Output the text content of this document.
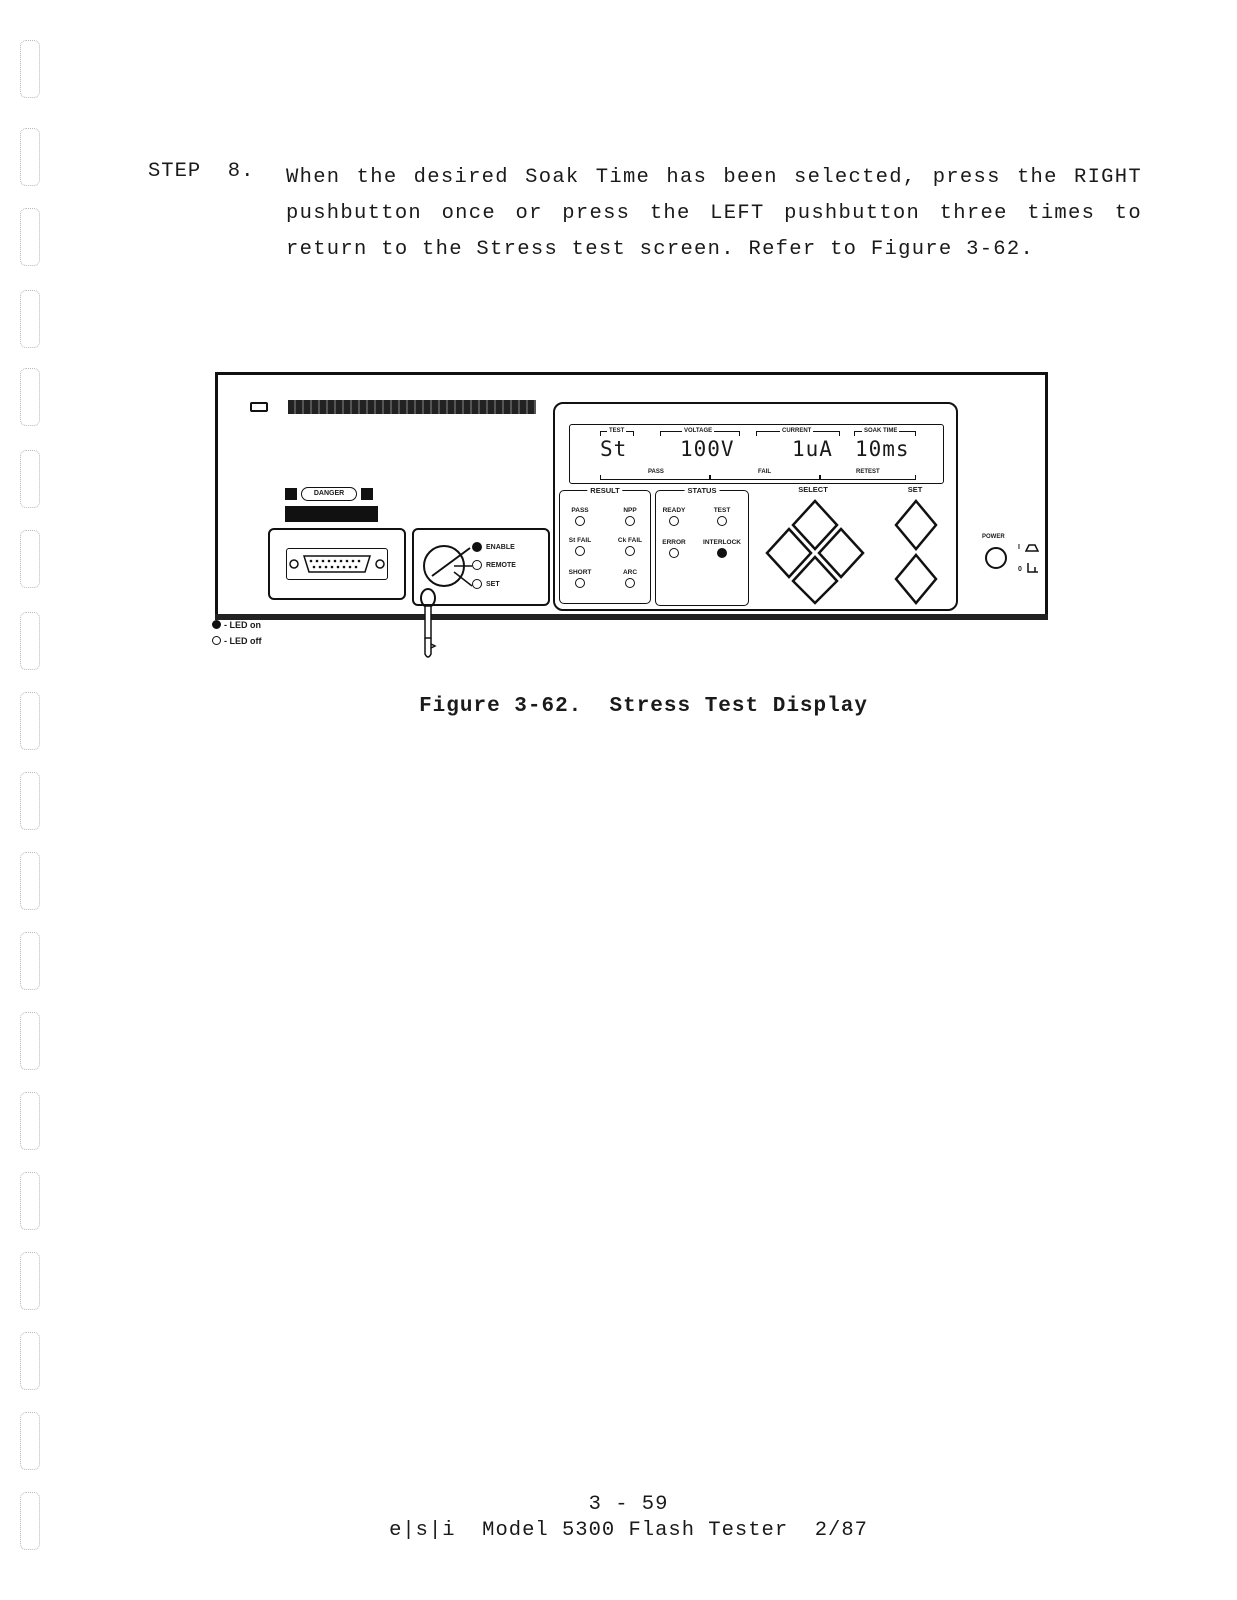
STEP  8. When the desired Soak Time has been selected, press the RIGHT pushbutton once or press the LEFT pushbutton three times to return to the Stress test screen. Refer to Figure 3-62.
DANGER
ENABLE
REMOTE
SET
- LED on
- LED off
TEST	VOLTAGE	CURRENT	SOAK TIME
St	100V	1uA 10ms
PASS	FAIL	RETEST
RESULT
PASS	NPP
St FAIL	Ck FAIL
SHORT	ARC
STATUS
READY	TEST
ERROR	INTERLOCK
SELECT	SET
POWER
I
0
Figure 3-62.  Stress Test Display
3 - 59
e|s|i  Model 5300 Flash Tester  2/87
